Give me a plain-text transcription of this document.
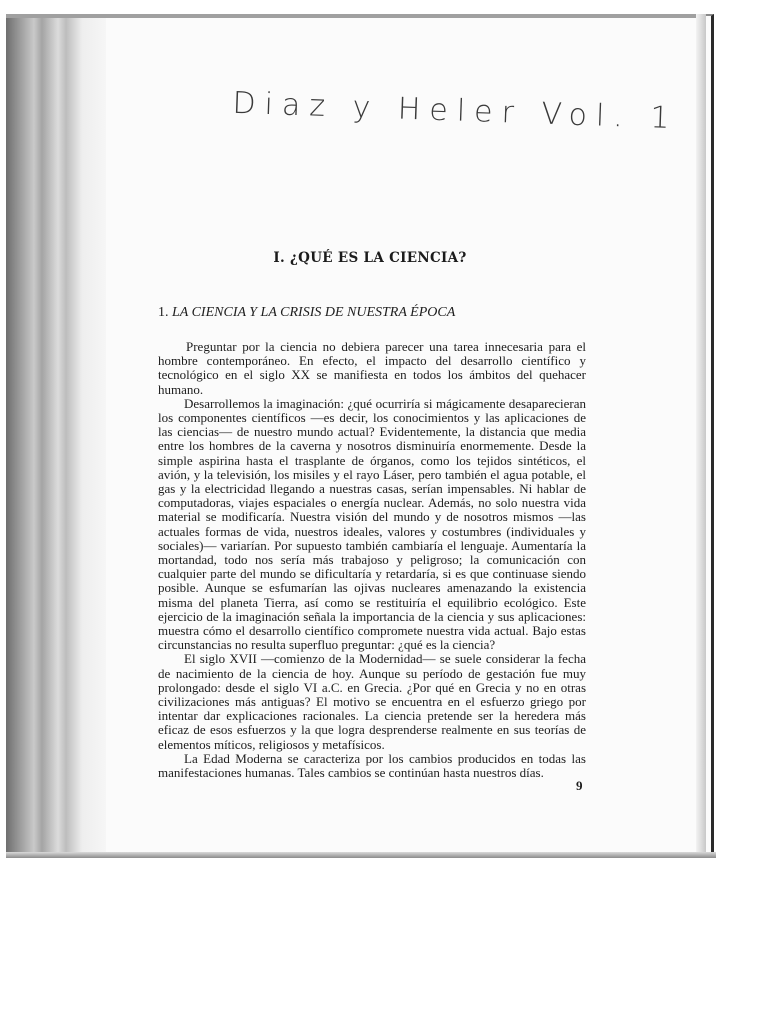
Diaz y Heler Vol. 1
I. ¿QUÉ ES LA CIENCIA?
1. LA CIENCIA Y LA CRISIS DE NUESTRA ÉPOCA

Preguntar por la ciencia no debiera parecer una tarea innecesaria para el hombre contemporáneo. En efecto, el impacto del desarrollo científico y tecnológico en el siglo XX se manifiesta en todos los ámbitos del quehacer humano.

Desarrollemos la imaginación: ¿qué ocurriría si mágicamente desaparecieran los componentes científicos —es decir, los conocimientos y las aplicaciones de las ciencias— de nuestro mundo actual? Evidentemente, la distancia que media entre los hombres de la caverna y nosotros disminuiría enormemente. Desde la simple aspirina hasta el trasplante de órganos, como los tejidos sintéticos, el avión, y la televisión, los misiles y el rayo Láser, pero también el agua potable, el gas y la electricidad llegando a nuestras casas, serían impensables. Ni hablar de computadoras, viajes espaciales o energía nuclear. Además, no solo nuestra vida material se modificaría. Nuestra visión del mundo y de nosotros mismos —las actuales formas de vida, nuestros ideales, valores y costumbres (individuales y sociales)— variarían. Por supuesto también cambiaría el lenguaje. Aumentaría la mortandad, todo nos sería más trabajoso y peligroso; la comunicación con cualquier parte del mundo se dificultaría y retardaría, si es que continuase siendo posible. Aunque se esfumarían las ojivas nucleares amenazando la existencia misma del planeta Tierra, así como se restituiría el equilibrio ecológico. Este ejercicio de la imaginación señala la importancia de la ciencia y sus aplicaciones: muestra cómo el desarrollo científico compromete nuestra vida actual. Bajo estas circunstancias no resulta superfluo preguntar: ¿qué es la ciencia?

El siglo XVII —comienzo de la Modernidad— se suele considerar la fecha de nacimiento de la ciencia de hoy. Aunque su período de gestación fue muy prolongado: desde el siglo VI a.C. en Grecia. ¿Por qué en Grecia y no en otras civilizaciones más antiguas? El motivo se encuentra en el esfuerzo griego por intentar dar explicaciones racionales. La ciencia pretende ser la heredera más eficaz de esos esfuerzos y la que logra desprenderse realmente en sus teorías de elementos míticos, religiosos y metafísicos.

La Edad Moderna se caracteriza por los cambios producidos en todas las manifestaciones humanas. Tales cambios se continúan hasta nuestros días.

9
